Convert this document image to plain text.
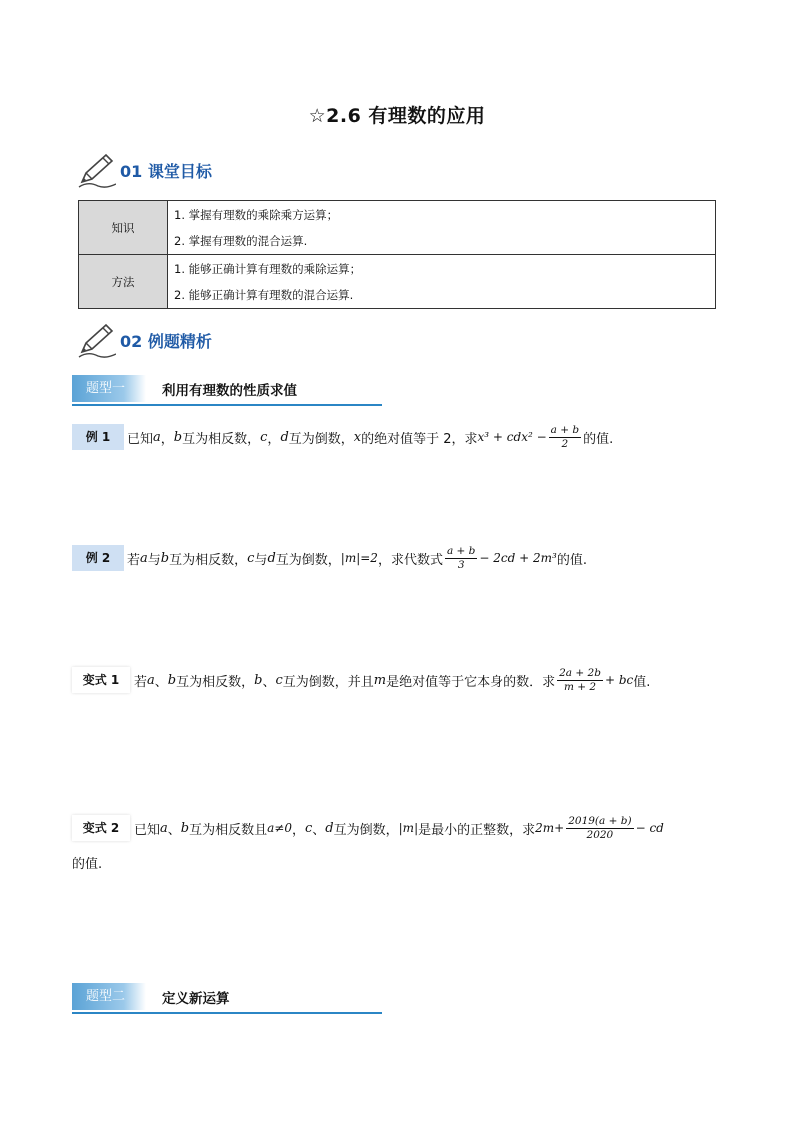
☆2.6 有理数的应用
01 课堂目标
知识	1. 掌握有理数的乘除乘方运算；
2. 掌握有理数的混合运算.

方法	1. 能够正确计算有理数的乘除运算；
2. 能够正确计算有理数的混合运算.
02 例题精析
题型一	利用有理数的性质求值
例 1	已知 a ， b 互为相反数， c ， d 互为倒数， x 的绝对值等于 2，求 $x^3 + cdx^2 - \frac{a + b}{2}$ 的值.
例 2	若 a 与 b 互为相反数， c 与 d 互为倒数， |m|=2 ，求代数式 $\frac{a + b}{3} - 2cd + 2m^3$ 的值.
变式 1	若 a 、 b 互为相反数， b 、 c 互为倒数，并且 m 是绝对值等于它本身的数．求 $\frac{2a + 2b}{m + 2}$ + bc 值.
变式 2	已知 a 、 b 互为相反数且 a≠0 ， c 、 d 互为倒数， |m| 是最小的正整数，求 $2m+ \frac{2019(a + b)}{2020}$ − cd
的值.
题型二	定义新运算
